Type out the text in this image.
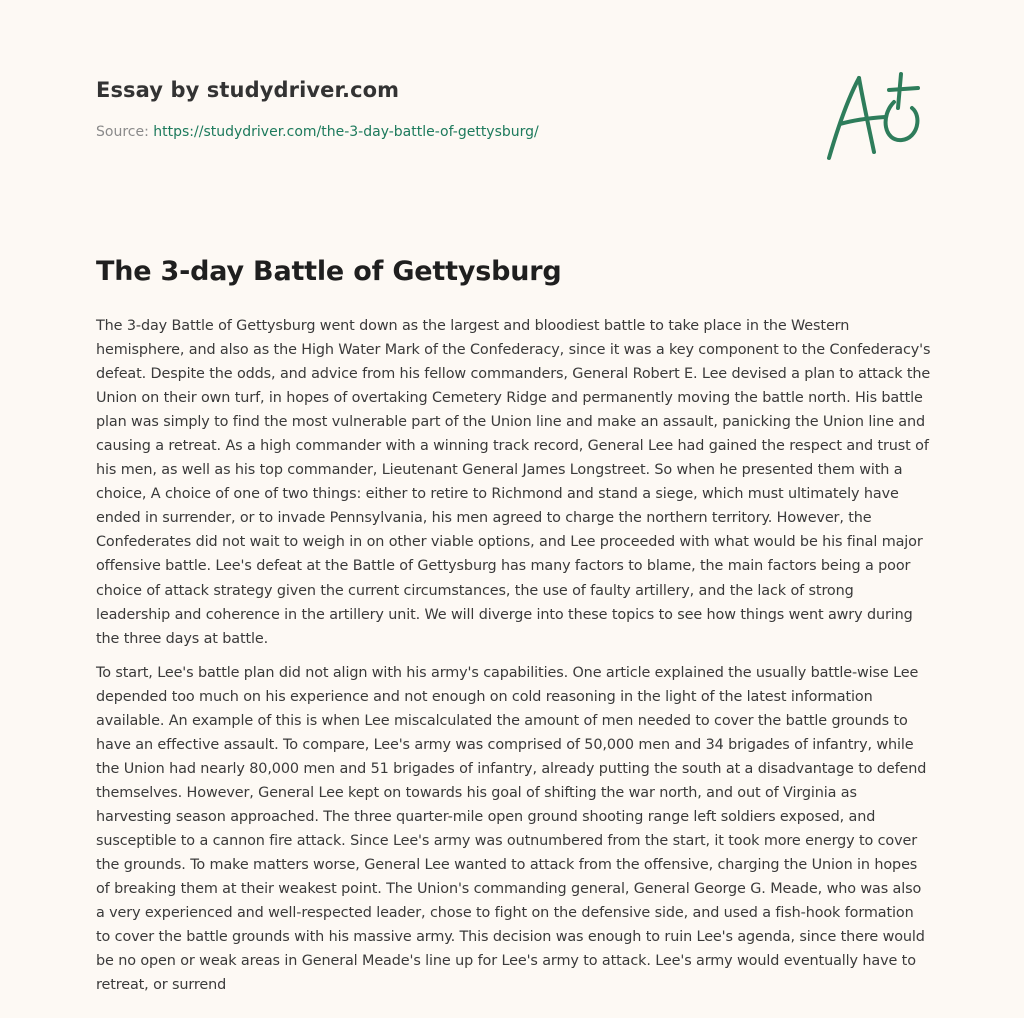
Essay by studydriver.com
Source: https://studydriver.com/the-3-day-battle-of-gettysburg/
The 3-day Battle of Gettysburg

The 3-day Battle of Gettysburg went down as the largest and bloodiest battle to take place in the Western hemisphere, and also as the High Water Mark of the Confederacy, since it was a key component to the Confederacy's defeat. Despite the odds, and advice from his fellow commanders, General Robert E. Lee devised a plan to attack the Union on their own turf, in hopes of overtaking Cemetery Ridge and permanently moving the battle north. His battle plan was simply to find the most vulnerable part of the Union line and make an assault, panicking the Union line and causing a retreat. As a high commander with a winning track record, General Lee had gained the respect and trust of his men, as well as his top commander, Lieutenant General James Longstreet. So when he presented them with a choice, A choice of one of two things: either to retire to Richmond and stand a siege, which must ultimately have ended in surrender, or to invade Pennsylvania, his men agreed to charge the northern territory. However, the Confederates did not wait to weigh in on other viable options, and Lee proceeded with what would be his final major offensive battle. Lee's defeat at the Battle of Gettysburg has many factors to blame, the main factors being a poor choice of attack strategy given the current circumstances, the use of faulty artillery, and the lack of strong leadership and coherence in the artillery unit. We will diverge into these topics to see how things went awry during the three days at battle.

To start, Lee's battle plan did not align with his army's capabilities. One article explained the usually battle-wise Lee depended too much on his experience and not enough on cold reasoning in the light of the latest information available. An example of this is when Lee miscalculated the amount of men needed to cover the battle grounds to have an effective assault. To compare, Lee's army was comprised of 50,000 men and 34 brigades of infantry, while the Union had nearly 80,000 men and 51 brigades of infantry, already putting the south at a disadvantage to defend themselves. However, General Lee kept on towards his goal of shifting the war north, and out of Virginia as harvesting season approached. The three quarter-mile open ground shooting range left soldiers exposed, and susceptible to a cannon fire attack. Since Lee's army was outnumbered from the start, it took more energy to cover the grounds. To make matters worse, General Lee wanted to attack from the offensive, charging the Union in hopes of breaking them at their weakest point. The Union's commanding general, General George G. Meade, who was also a very experienced and well-respected leader, chose to fight on the defensive side, and used a fish-hook formation to cover the battle grounds with his massive army. This decision was enough to ruin Lee's agenda, since there would be no open or weak areas in General Meade's line up for Lee's army to attack. Lee's army would eventually have to retreat, or surrend
